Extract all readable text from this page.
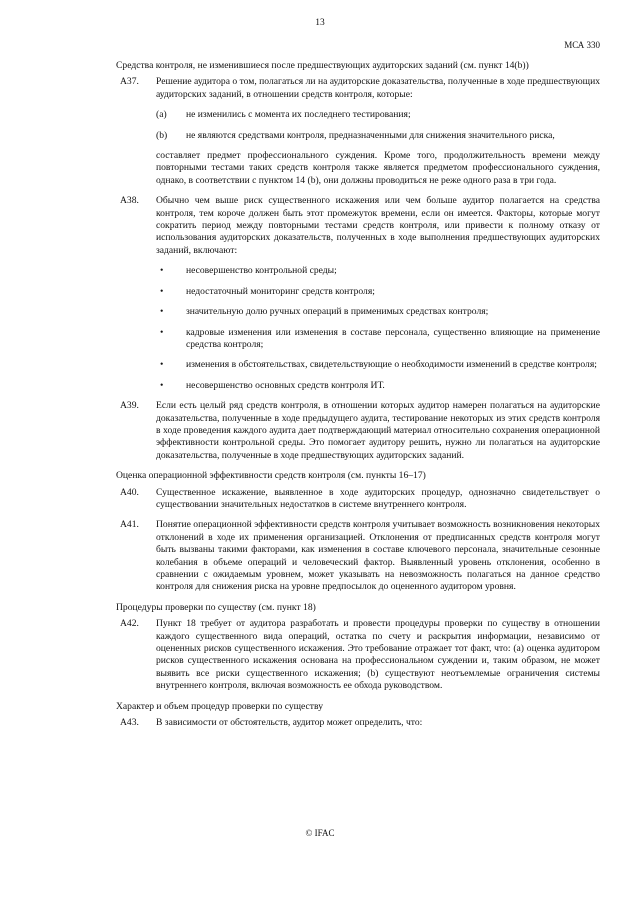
13
МСА 330
Средства контроля, не изменившиеся после предшествующих аудиторских заданий (см. пункт 14(b))
A37. Решение аудитора о том, полагаться ли на аудиторские доказательства, полученные в ходе предшествующих аудиторских заданий, в отношении средств контроля, которые:
(a) не изменились с момента их последнего тестирования;
(b) не являются средствами контроля, предназначенными для снижения значительного риска,
составляет предмет профессионального суждения. Кроме того, продолжительность времени между повторными тестами таких средств контроля также является предметом профессионального суждения, однако, в соответствии с пунктом 14 (b), они должны проводиться не реже одного раза в три года.
A38. Обычно чем выше риск существенного искажения или чем больше аудитор полагается на средства контроля, тем короче должен быть этот промежуток времени, если он имеется. Факторы, которые могут сократить период между повторными тестами средств контроля, или привести к полному отказу от использования аудиторских доказательств, полученных в ходе выполнения предшествующих аудиторских заданий, включают:
• несовершенство контрольной среды;
• недостаточный мониторинг средств контроля;
• значительную долю ручных операций в применимых средствах контроля;
• кадровые изменения или изменения в составе персонала, существенно влияющие на применение средства контроля;
• изменения в обстоятельствах, свидетельствующие о необходимости изменений в средстве контроля;
• несовершенство основных средств контроля ИТ.
A39. Если есть целый ряд средств контроля, в отношении которых аудитор намерен полагаться на аудиторские доказательства, полученные в ходе предыдущего аудита, тестирование некоторых из этих средств контроля в ходе проведения каждого аудита дает подтверждающий материал относительно сохранения операционной эффективности контрольной среды. Это помогает аудитору решить, нужно ли полагаться на аудиторские доказательства, полученные в ходе предшествующих аудиторских заданий.
Оценка операционной эффективности средств контроля (см. пункты 16–17)
A40. Существенное искажение, выявленное в ходе аудиторских процедур, однозначно свидетельствует о существовании значительных недостатков в системе внутреннего контроля.
A41. Понятие операционной эффективности средств контроля учитывает возможность возникновения некоторых отклонений в ходе их применения организацией. Отклонения от предписанных средств контроля могут быть вызваны такими факторами, как изменения в составе ключевого персонала, значительные сезонные колебания в объеме операций и человеческий фактор. Выявленный уровень отклонения, особенно в сравнении с ожидаемым уровнем, может указывать на невозможность полагаться на данное средство контроля для снижения риска на уровне предпосылок до оцененного аудитором уровня.
Процедуры проверки по существу (см. пункт 18)
A42. Пункт 18 требует от аудитора разработать и провести процедуры проверки по существу в отношении каждого существенного вида операций, остатка по счету и раскрытия информации, независимо от оцененных рисков существенного искажения. Это требование отражает тот факт, что: (a) оценка аудитором рисков существенного искажения основана на профессиональном суждении и, таким образом, не может выявить все риски существенного искажения; (b) существуют неотъемлемые ограничения системы внутреннего контроля, включая возможность ее обхода руководством.
Характер и объем процедур проверки по существу
A43. В зависимости от обстоятельств, аудитор может определить, что:
© IFAC
